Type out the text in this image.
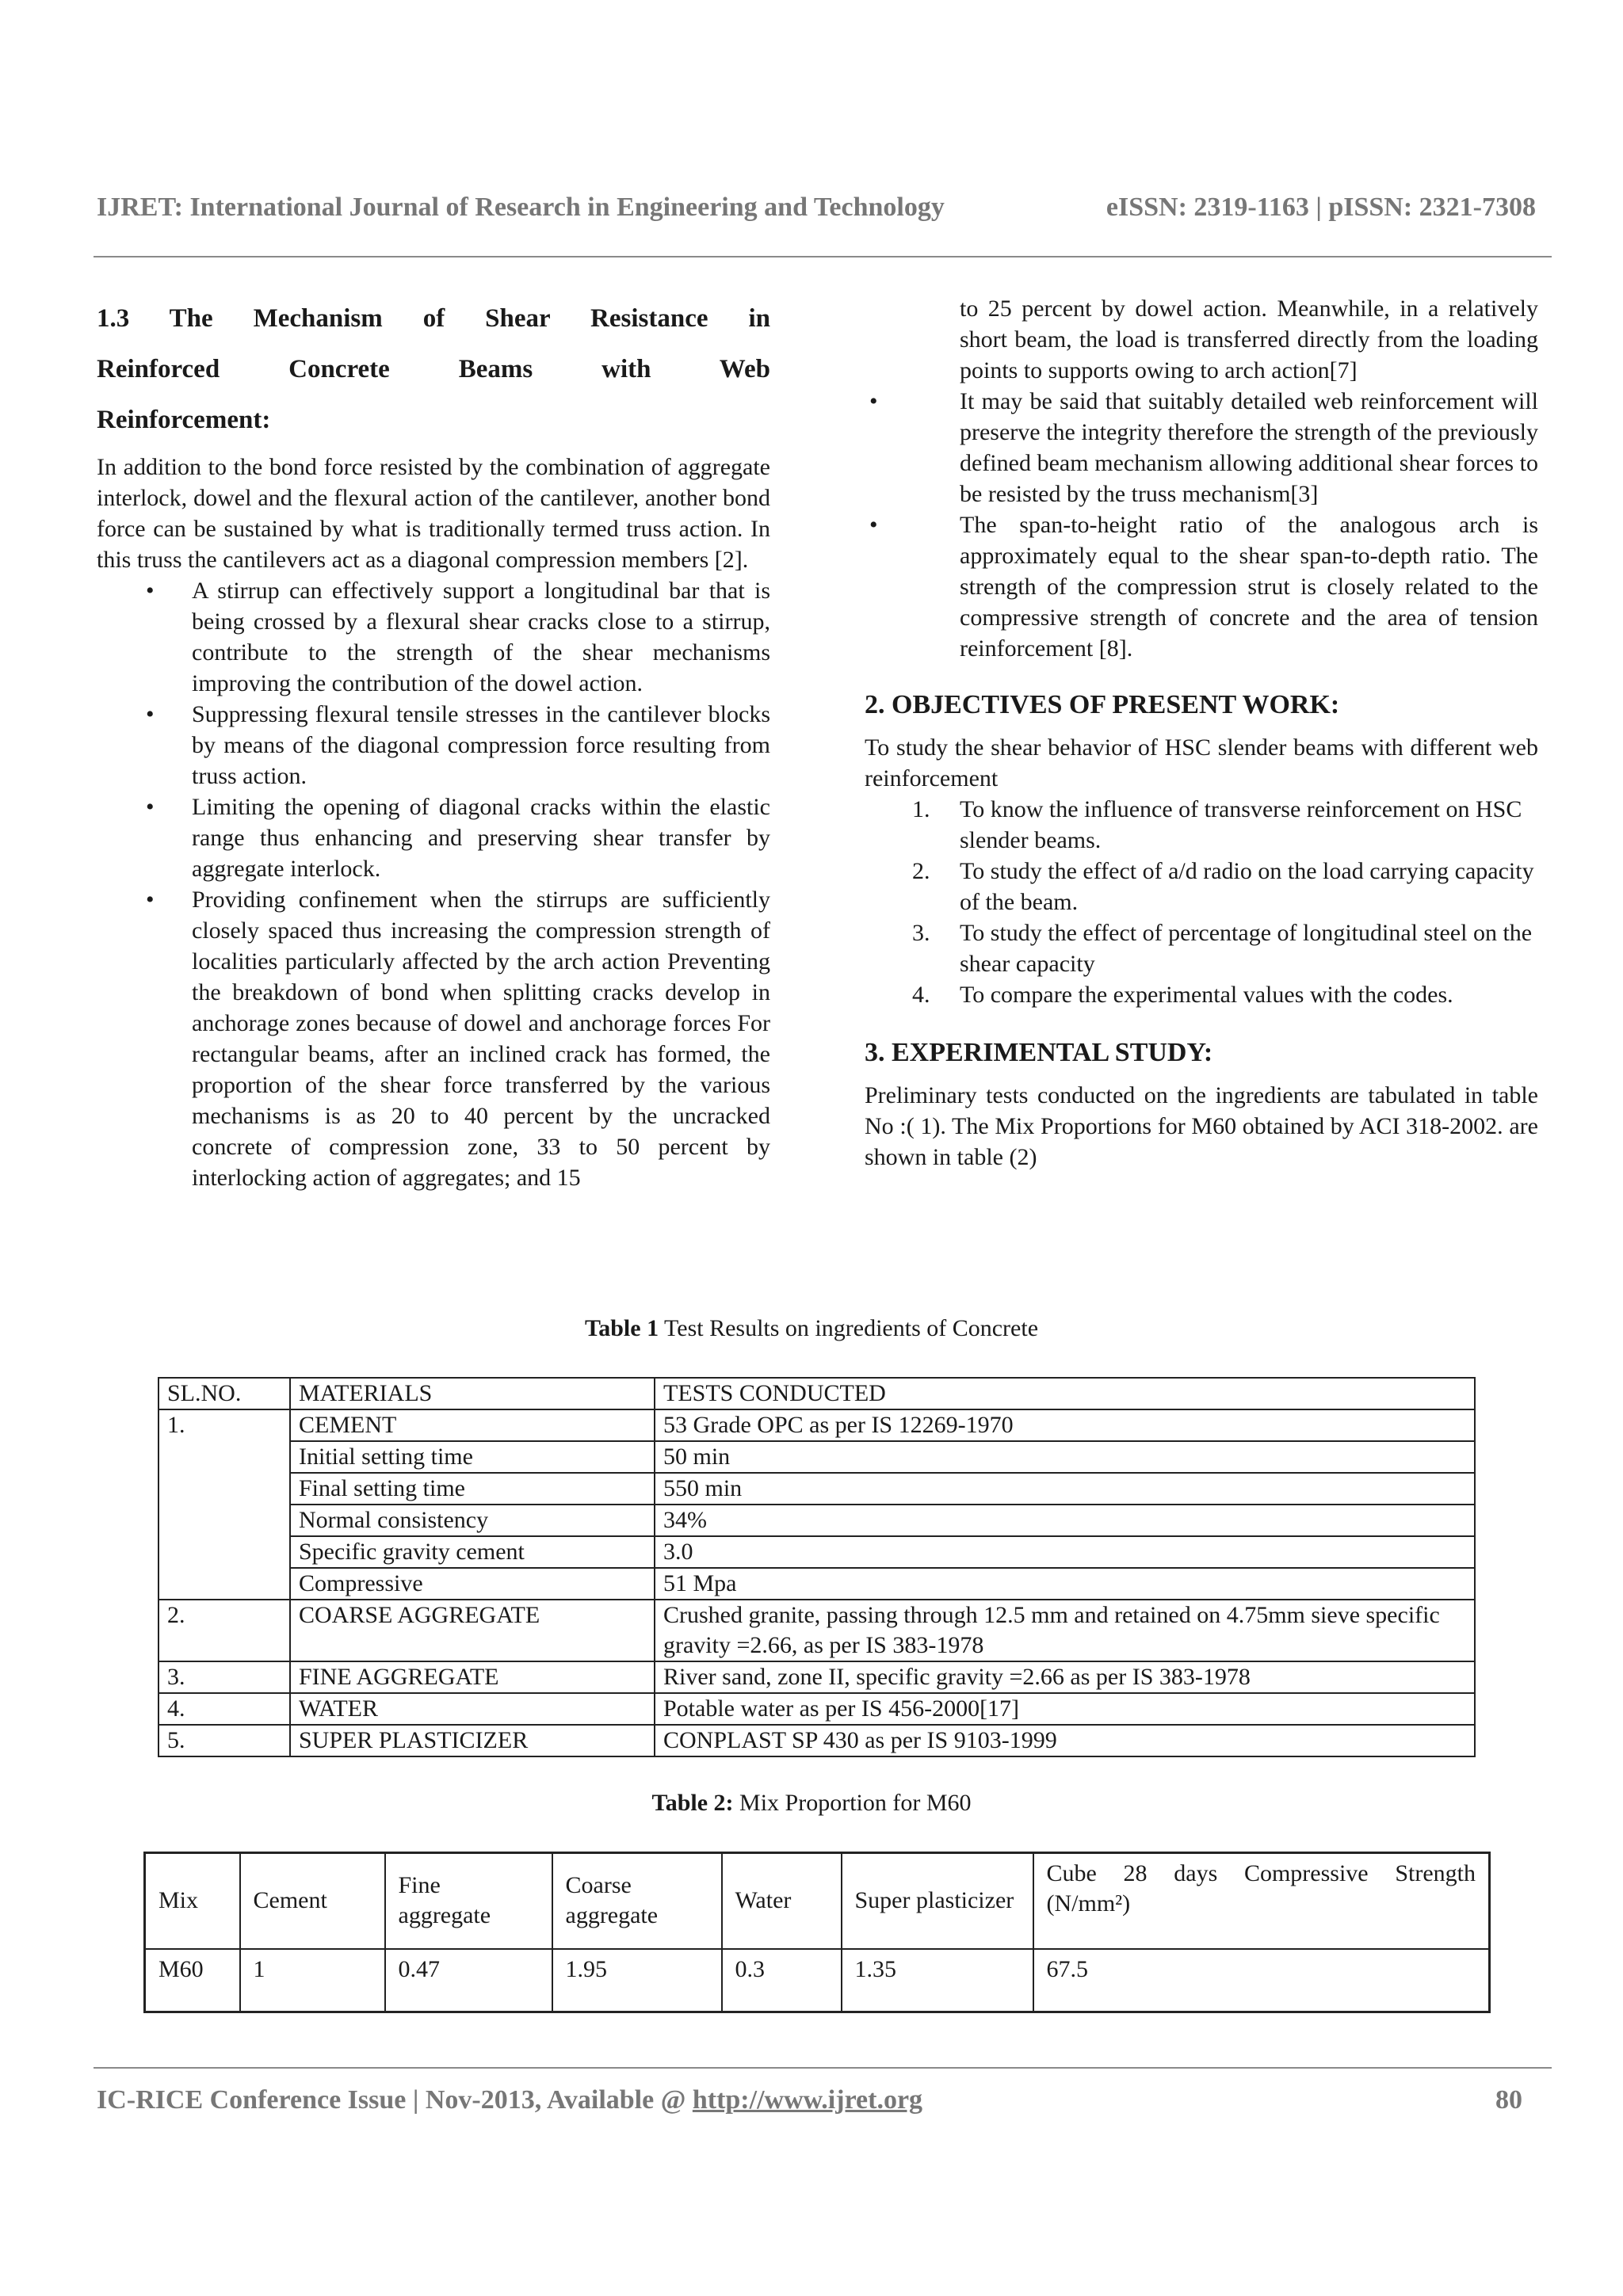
IJRET: International Journal of Research in Engineering and Technology	eISSN: 2319-1163 | pISSN: 2321-7308

1.3 The Mechanism of Shear Resistance in

Reinforced Concrete Beams with Web

Reinforcement:

In addition to the bond force resisted by the combination of aggregate interlock, dowel and the flexural action of the cantilever, another bond force can be sustained by what is traditionally termed truss action. In this truss the cantilevers act as a diagonal compression members [2].

• A stirrup can effectively support a longitudinal bar that is being crossed by a flexural shear cracks close to a stirrup, contribute to the strength of the shear mechanisms improving the contribution of the dowel action.
• Suppressing flexural tensile stresses in the cantilever blocks by means of the diagonal compression force resulting from truss action.
• Limiting the opening of diagonal cracks within the elastic range thus enhancing and preserving shear transfer by aggregate interlock.
• Providing confinement when the stirrups are sufficiently closely spaced thus increasing the compression strength of localities particularly affected by the arch action Preventing the breakdown of bond when splitting cracks develop in anchorage zones because of dowel and anchorage forces For rectangular beams, after an inclined crack has formed, the proportion of the shear force transferred by the various mechanisms is as 20 to 40 percent by the uncracked concrete of compression zone, 33 to 50 percent by interlocking action of aggregates; and 15

to 25 percent by dowel action. Meanwhile, in a relatively short beam, the load is transferred directly from the loading points to supports owing to arch action[7]

• It may be said that suitably detailed web reinforcement will preserve the integrity therefore the strength of the previously defined beam mechanism allowing additional shear forces to be resisted by the truss mechanism[3]
• The span-to-height ratio of the analogous arch is approximately equal to the shear span-to-depth ratio. The strength of the compression strut is closely related to the compressive strength of concrete and the area of tension reinforcement [8].
2. OBJECTIVES OF PRESENT WORK:

To study the shear behavior of HSC slender beams with different web reinforcement

1. To know the influence of transverse reinforcement on HSC slender beams.
2. To study the effect of a/d radio on the load carrying capacity of the beam.
3. To study the effect of percentage of longitudinal steel on the shear capacity
4. To compare the experimental values with the codes.
3. EXPERIMENTAL STUDY:

Preliminary tests conducted on the ingredients are tabulated in table No :( 1). The Mix Proportions for M60 obtained by ACI 318-2002. are shown in table (2)

Table 1 Test Results on ingredients of Concrete
SL.NO.	MATERIALS	TESTS CONDUCTED
1.	CEMENT	53 Grade OPC as per IS 12269-1970
	Initial setting time	50 min
	Final setting time	550 min
	Normal consistency	34%
	Specific gravity cement	3.0
	Compressive	51 Mpa
2.	COARSE AGGREGATE	Crushed granite, passing through 12.5 mm and retained on 4.75mm sieve specific gravity =2.66, as per IS 383-1978
3.	FINE AGGREGATE	River sand, zone II, specific gravity =2.66 as per IS 383-1978
4.	WATER	Potable water as per IS 456-2000[17]
5.	SUPER PLASTICIZER	CONPLAST SP 430 as per IS 9103-1999
Table 2: Mix Proportion for M60
Mix	Cement	Fine aggregate	Coarse aggregate	Water	Super plasticizer	Cube 28 days Compressive Strength (N/mm²)
M60	1	0.47	1.95	0.3	1.35	67.5
IC-RICE Conference Issue | Nov-2013, Available @ http://www.ijret.org	80
